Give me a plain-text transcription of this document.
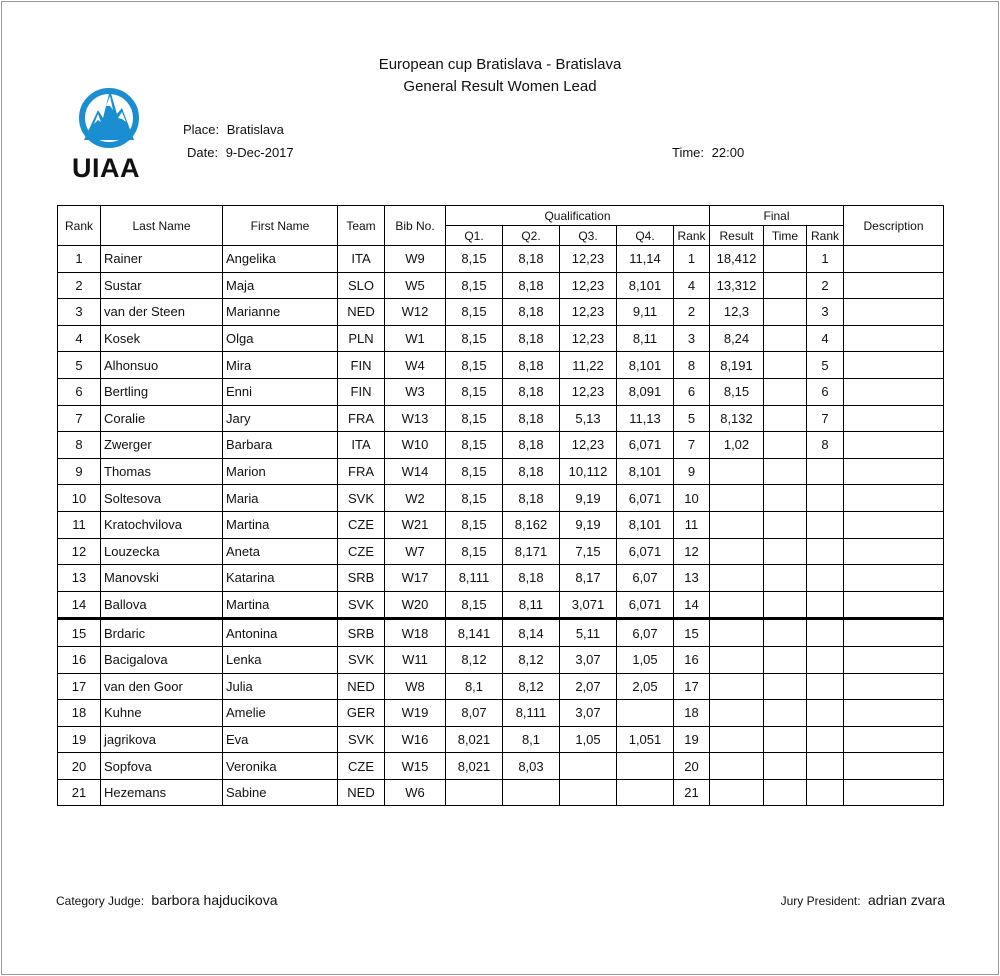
European cup Bratislava - Bratislava
General Result Women Lead
UIAA
Place: Bratislava
Date: 9-Dec-2017	Time: 22:00
Rank	Last Name	First Name	Team	Bib No.	Qualification					Final			Description
					Q1.	Q2.	Q3.	Q4.	Rank	Result	Time	Rank	
1	Rainer	Angelika	ITA	W9	8,15	8,18	12,23	11,14	1	18,412		1	
2	Sustar	Maja	SLO	W5	8,15	8,18	12,23	8,101	4	13,312		2	
3	van der Steen	Marianne	NED	W12	8,15	8,18	12,23	9,11	2	12,3		3	
4	Kosek	Olga	PLN	W1	8,15	8,18	12,23	8,11	3	8,24		4	
5	Alhonsuo	Mira	FIN	W4	8,15	8,18	11,22	8,101	8	8,191		5	
6	Bertling	Enni	FIN	W3	8,15	8,18	12,23	8,091	6	8,15		6	
7	Coralie	Jary	FRA	W13	8,15	8,18	5,13	11,13	5	8,132		7	
8	Zwerger	Barbara	ITA	W10	8,15	8,18	12,23	6,071	7	1,02		8	
9	Thomas	Marion	FRA	W14	8,15	8,18	10,112	8,101	9				
10	Soltesova	Maria	SVK	W2	8,15	8,18	9,19	6,071	10				
11	Kratochvilova	Martina	CZE	W21	8,15	8,162	9,19	8,101	11				
12	Louzecka	Aneta	CZE	W7	8,15	8,171	7,15	6,071	12				
13	Manovski	Katarina	SRB	W17	8,111	8,18	8,17	6,07	13				
14	Ballova	Martina	SVK	W20	8,15	8,11	3,071	6,071	14				
15	Brdaric	Antonina	SRB	W18	8,141	8,14	5,11	6,07	15				
16	Bacigalova	Lenka	SVK	W11	8,12	8,12	3,07	1,05	16				
17	van den Goor	Julia	NED	W8	8,1	8,12	2,07	2,05	17				
18	Kuhne	Amelie	GER	W19	8,07	8,111	3,07		18				
19	jagrikova	Eva	SVK	W16	8,021	8,1	1,05	1,051	19				
20	Sopfova	Veronika	CZE	W15	8,021	8,03			20				
21	Hezemans	Sabine	NED	W6					21				
Category Judge: barbora hajducikova	Jury President: adrian zvara
